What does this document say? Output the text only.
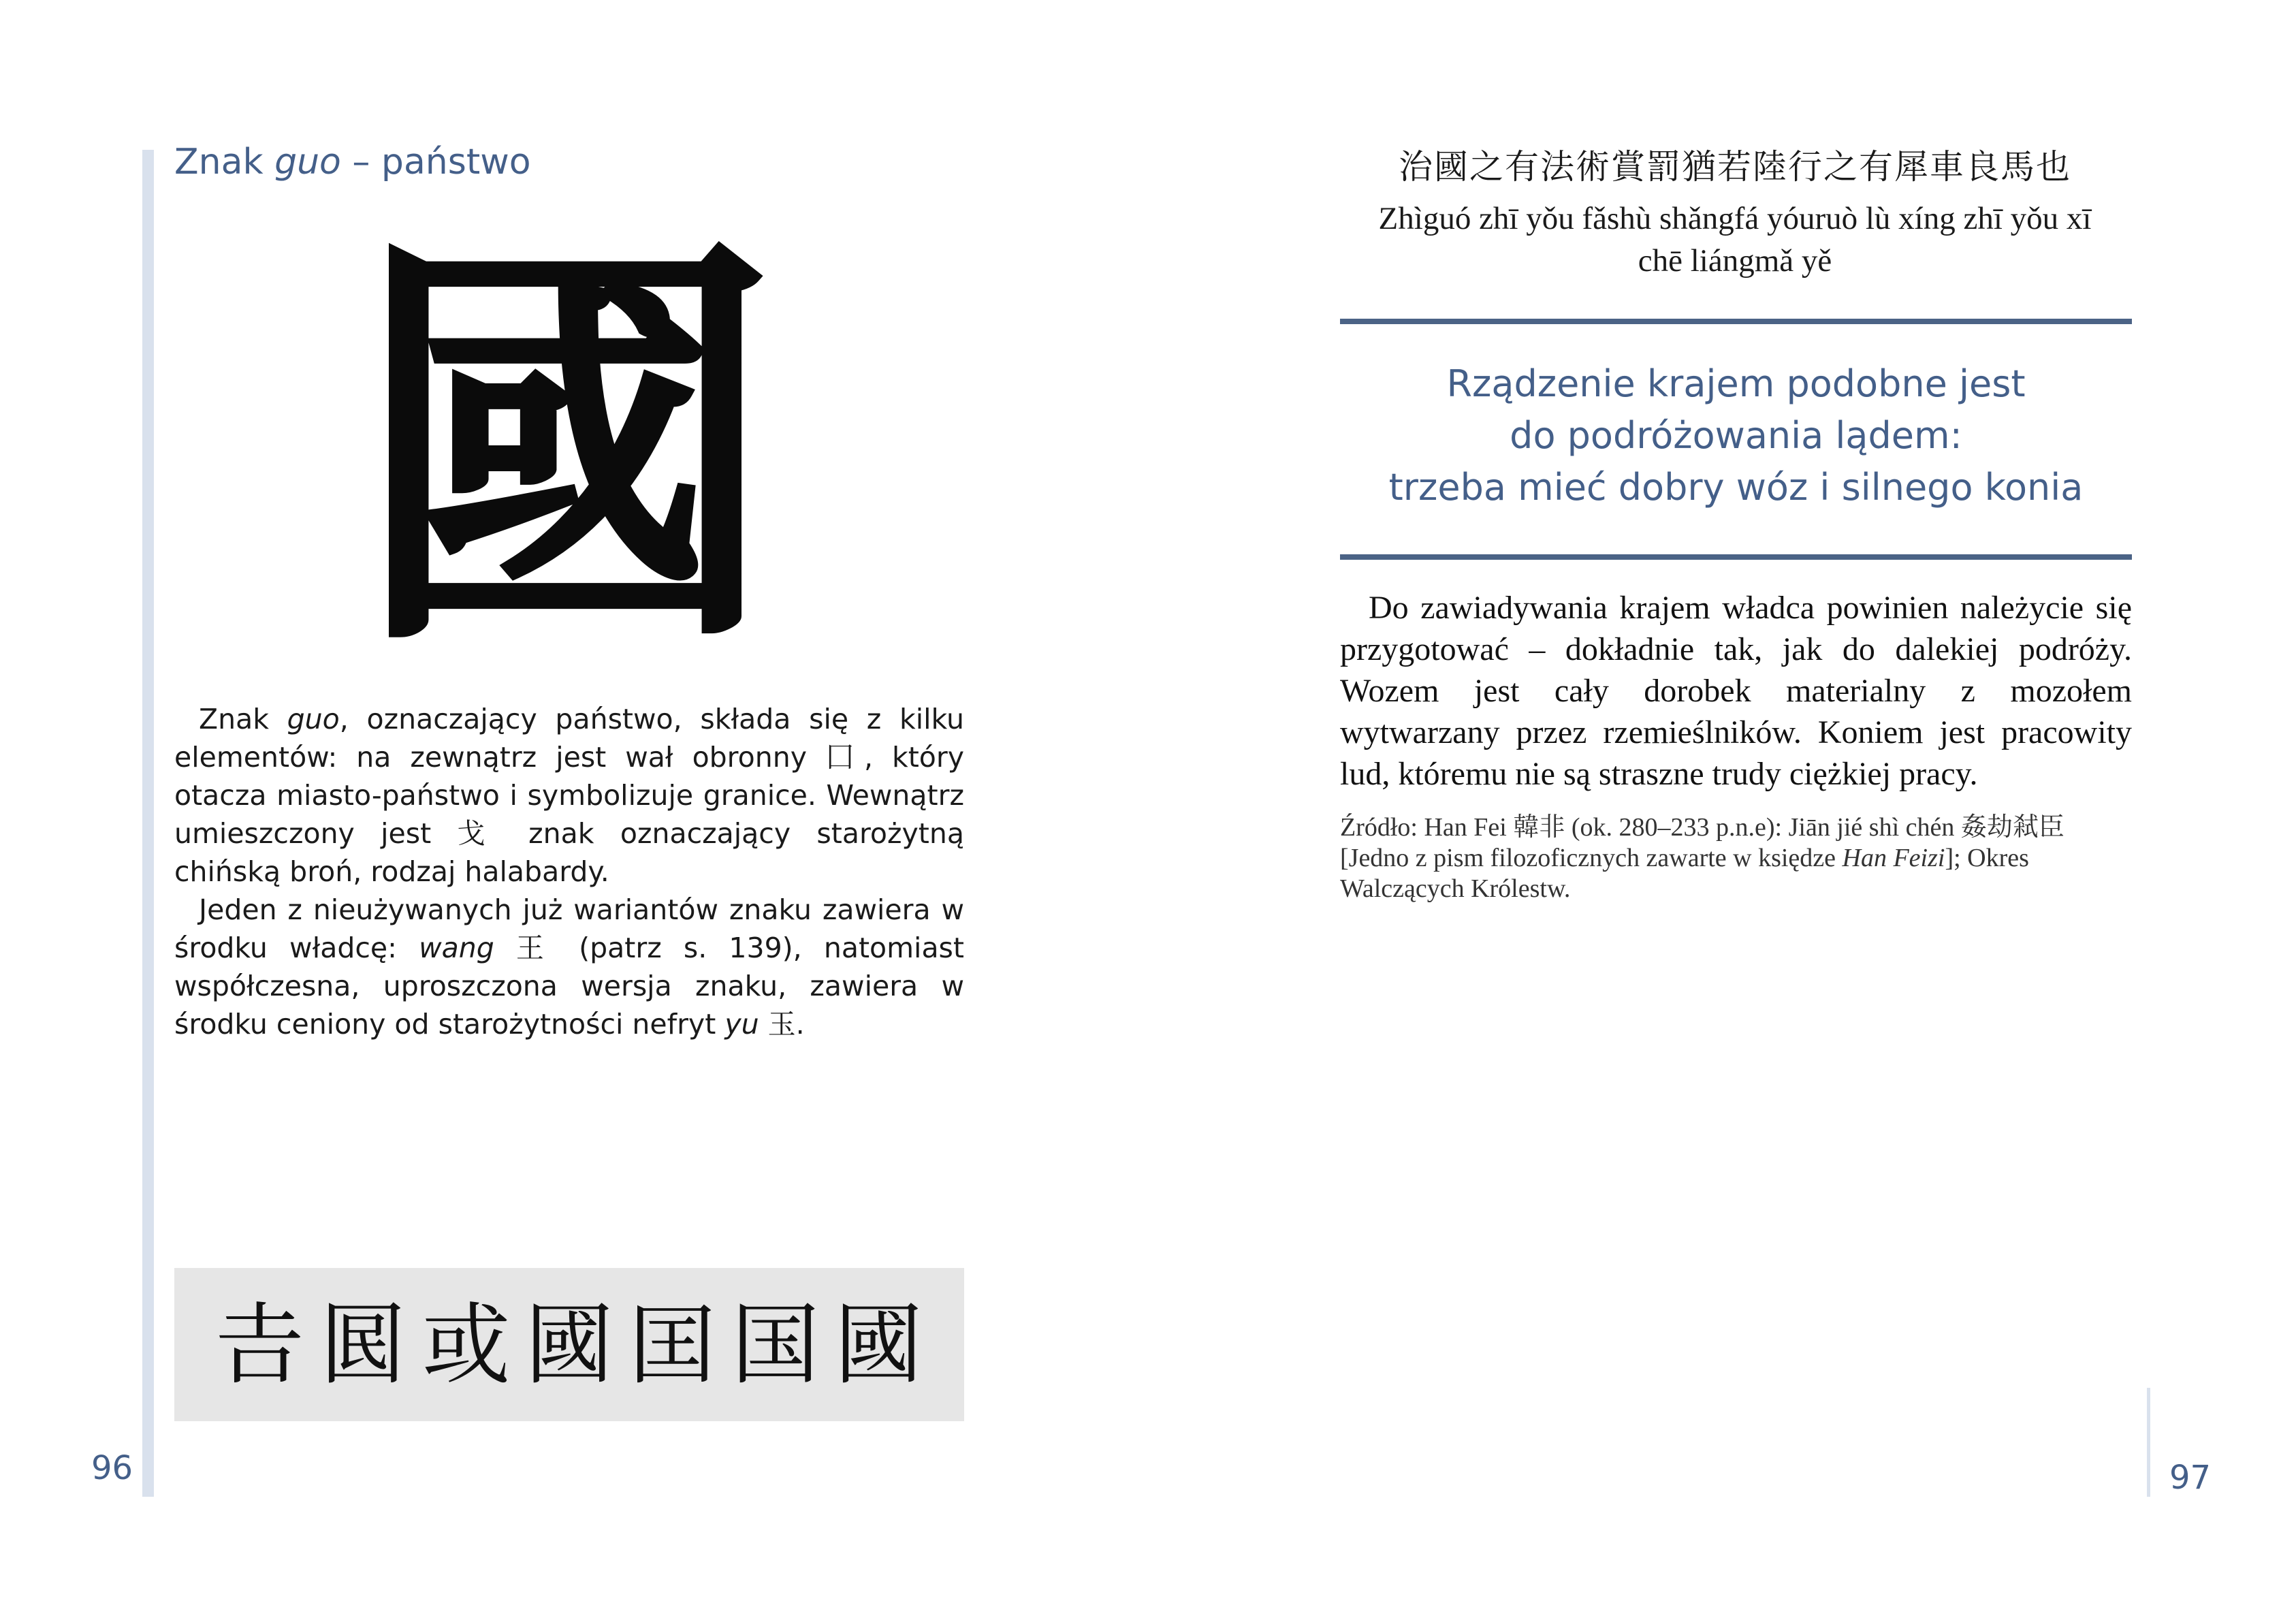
Znak guo – państwo
國
Znak guo, oznaczający państwo, składa się z kilku elementów: na zewnątrz jest wał obronny 囗, który otacza miasto-państwo i symbolizuje granice. Wewnątrz umieszczony jest 戈 znak oznaczający starożytną chińską broń, rodzaj halabardy.
Jeden z nieużywanych już wariantów znaku zawiera w środku władcę: wang 王 (patrz s. 139), natomiast współczesna, uproszczona wersja znaku, zawiera w środku ceniony od starożytności nefryt yu 玉.
𠮷 囻 或 國 囯 国 國
96
治國之有法術賞罰猶若陸行之有犀車良馬也
Zhìguó zhī yǒu fǎshù shǎngfá yóuruò lù xíng zhī yǒu xī chē liángmǎ yě
Rządzenie krajem podobne jest
do podróżowania lądem:
trzeba mieć dobry wóz i silnego konia
Do zawiadywania krajem władca powinien należycie się przygotować – dokładnie tak, jak do dalekiej podróży. Wozem jest cały dorobek materialny z mozołem wytwarzany przez rzemieślników. Koniem jest pracowity lud, któremu nie są straszne trudy ciężkiej pracy.
Źródło: Han Fei 韓非 (ok. 280–233 p.n.e): Jiān jié shì chén 姦劫弒臣 [Jedno z pism filozoficznych zawarte w księdze Han Feizi]; Okres Walczących Królestw.
97
